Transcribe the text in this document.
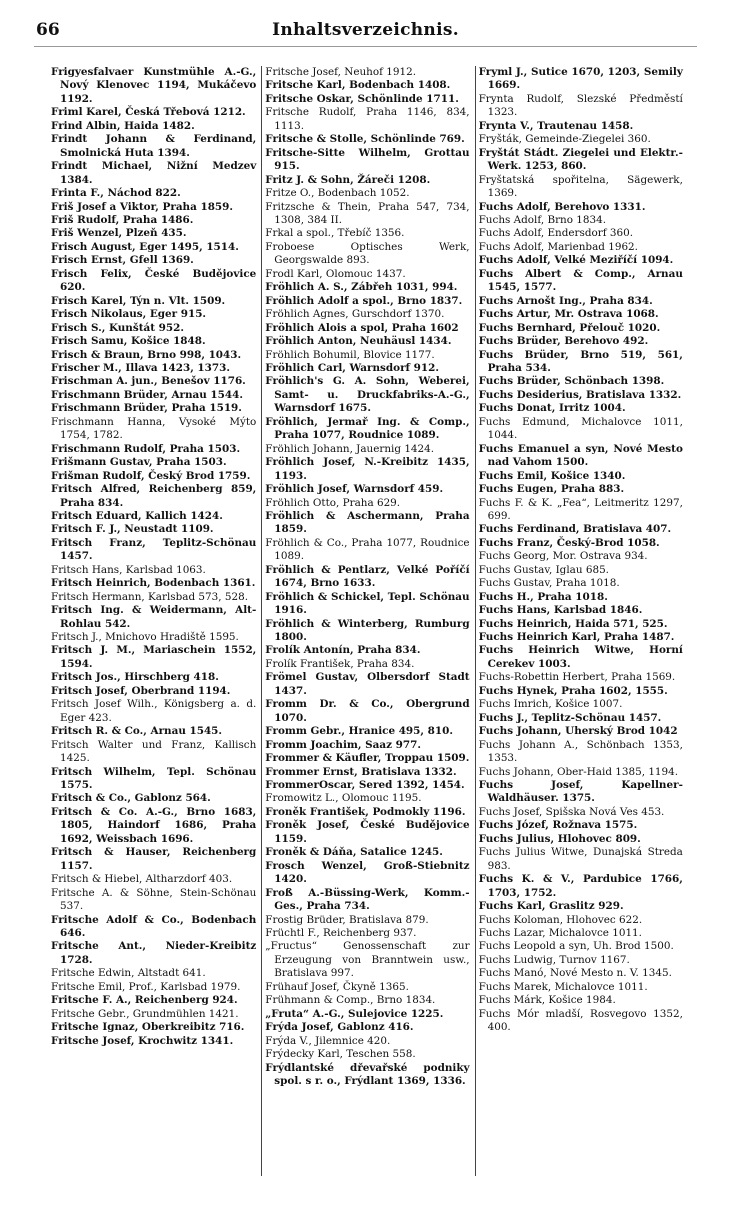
66	Inhaltsverzeichnis.

Frigyesfalvaer Kunstmühle A.-G., Nový Klenovec 1194, Mukáčevo 1192.

Friml Karel, Česká Třebová 1212.

Frind Albin, Haida 1482.

Frindt Johann & Ferdinand, Smolnická Huta 1394.

Frindt Michael, Nižní Medzev 1384.

Frinta F., Náchod 822.

Friš Josef a Viktor, Praha 1859.

Friš Rudolf, Praha 1486.

Friš Wenzel, Plzeň 435.

Frisch August, Eger 1495, 1514.

Frisch Ernst, Gfell 1369.

Frisch Felix, České Budějovice 620.

Frisch Karel, Týn n. Vlt. 1509.

Frisch Nikolaus, Eger 915.

Frisch S., Kunštát 952.

Frisch Samu, Košice 1848.

Frisch & Braun, Brno 998, 1043.

Frischer M., Illava 1423, 1373.

Frischman A. jun., Benešov 1176.

Frischmann Brüder, Arnau 1544.

Frischmann Brüder, Praha 1519.

Frischmann Hanna, Vysoké Mýto 1754, 1782.

Frischmann Rudolf, Praha 1503.

Frišmann Gustav, Praha 1503.

Frišman Rudolf, Český Brod 1759.

Fritsch Alfred, Reichenberg 859, Praha 834.

Fritsch Eduard, Kallich 1424.

Fritsch F. J., Neustadt 1109.

Fritsch Franz, Teplitz-Schönau 1457.

Fritsch Hans, Karlsbad 1063.

Fritsch Heinrich, Bodenbach 1361.

Fritsch Hermann, Karlsbad 573, 528.

Fritsch Ing. & Weidermann, Alt-Rohlau 542.

Fritsch J., Mnichovo Hradiště 1595.

Fritsch J. M., Mariaschein 1552, 1594.

Fritsch Jos., Hirschberg 418.

Fritsch Josef, Oberbrand 1194.

Fritsch Josef Wilh., Königsberg a. d. Eger 423.

Fritsch R. & Co., Arnau 1545.

Fritsch Walter und Franz, Kallisch 1425.

Fritsch Wilhelm, Tepl. Schönau 1575.

Fritsch & Co., Gablonz 564.

Fritsch & Co. A.-G., Brno 1683, 1805, Haindorf 1686, Praha 1692, Weissbach 1696.

Fritsch & Hauser, Reichenberg 1157.

Fritsch & Hiebel, Altharzdorf 403.

Fritsche A. & Söhne, Stein-Schönau 537.

Fritsche Adolf & Co., Bodenbach 646.

Fritsche Ant., Nieder-Kreibitz 1728.

Fritsche Edwin, Altstadt 641.

Fritsche Emil, Prof., Karlsbad 1979.

Fritsche F. A., Reichenberg 924.

Fritsche Gebr., Grundmühlen 1421.

Fritsche Ignaz, Oberkreibitz 716.

Fritsche Josef, Krochwitz 1341.

Fritsche Josef, Neuhof 1912.

Fritsche Karl, Bodenbach 1408.

Fritsche Oskar, Schönlinde 1711.

Fritsche Rudolf, Praha 1146, 834, 1113.

Fritsche & Stolle, Schönlinde 769.

Fritsche-Sitte Wilhelm, Grottau 915.

Fritz J. & Sohn, Žáreči 1208.

Fritze O., Bodenbach 1052.

Fritzsche & Thein, Praha 547, 734, 1308, 384 II.

Frkal a spol., Třebíč 1356.

Froboese Optisches Werk, Georgswalde 893.

Frodl Karl, Olomouc 1437.

Fröhlich A. S., Zábřeh 1031, 994.

Fröhlich Adolf a spol., Brno 1837.

Fröhlich Agnes, Gurschdorf 1370.

Fröhlich Alois a spol, Praha 1602

Fröhlich Anton, Neuhäusl 1434.

Fröhlich Bohumil, Blovice 1177.

Fröhlich Carl, Warnsdorf 912.

Fröhlich's G. A. Sohn, Weberei, Samt- u. Druckfabriks-A.-G., Warnsdorf 1675.

Fröhlich, Jermař Ing. & Comp., Praha 1077, Roudnice 1089.

Fröhlich Johann, Jauernig 1424.

Fröhlich Josef, N.-Kreibitz 1435, 1193.

Fröhlich Josef, Warnsdorf 459.

Fröhlich Otto, Praha 629.

Fröhlich & Aschermann, Praha 1859.

Fröhlich & Co., Praha 1077, Roudnice 1089.

Fröhlich & Pentlarz, Velké Poříčí 1674, Brno 1633.

Fröhlich & Schickel, Tepl. Schönau 1916.

Fröhlich & Winterberg, Rumburg 1800.

Frolík Antonín, Praha 834.

Frolík František, Praha 834.

Frömel Gustav, Olbersdorf Stadt 1437.

Fromm Dr. & Co., Obergrund 1070.

Fromm Gebr., Hranice 495, 810.

Fromm Joachim, Saaz 977.

Frommer & Käufler, Troppau 1509.

Frommer Ernst, Bratislava 1332.

FrommerOscar, Sered 1392, 1454.

Fromowitz L., Olomouc 1195.

Froněk František, Podmokly 1196.

Froněk Josef, České Budějovice 1159.

Froněk & Dáňa, Satalice 1245.

Frosch Wenzel, Groß-Stiebnitz 1420.

Froß A.-Büssing-Werk, Komm.-Ges., Praha 734.

Frostig Brüder, Bratislava 879.

Früchtl F., Reichenberg 937.

„Fructus“ Genossenschaft zur Erzeugung von Branntwein usw., Bratislava 997.

Frühauf Josef, Čkyně 1365.

Frühmann & Comp., Brno 1834.

„Fruta“ A.-G., Sulejovice 1225.

Frýda Josef, Gablonz 416.

Frýda V., Jilemnice 420.

Frýdecky Karl, Teschen 558.

Frýdlantské dřevařské podniky spol. s r. o., Frýdlant 1369, 1336.

Fryml J., Sutice 1670, 1203, Semily 1669.

Frynta Rudolf, Slezské Předměstí 1323.

Frynta V., Trautenau 1458.

Fryšták, Gemeinde-Ziegelei 360.

Fryštát Stádt. Ziegelei und Elektr.-Werk. 1253, 860.

Fryštatská spořitelna, Sägewerk, 1369.

Fuchs Adolf, Berehovo 1331.

Fuchs Adolf, Brno 1834.

Fuchs Adolf, Endersdorf 360.

Fuchs Adolf, Marienbad 1962.

Fuchs Adolf, Velké Meziříčí 1094.

Fuchs Albert & Comp., Arnau 1545, 1577.

Fuchs Arnošt Ing., Praha 834.

Fuchs Artur, Mr. Ostrava 1068.

Fuchs Bernhard, Přelouč 1020.

Fuchs Brüder, Berehovo 492.

Fuchs Brüder, Brno 519, 561, Praha 534.

Fuchs Brüder, Schönbach 1398.

Fuchs Desiderius, Bratislava 1332.

Fuchs Donat, Irritz 1004.

Fuchs Edmund, Michalovce 1011, 1044.

Fuchs Emanuel a syn, Nové Mesto nad Vahom 1500.

Fuchs Emil, Košice 1340.

Fuchs Eugen, Praha 883.

Fuchs F. & K. „Fea“, Leitmeritz 1297, 699.

Fuchs Ferdinand, Bratislava 407.

Fuchs Franz, Český-Brod 1058.

Fuchs Georg, Mor. Ostrava 934.

Fuchs Gustav, Iglau 685.

Fuchs Gustav, Praha 1018.

Fuchs H., Praha 1018.

Fuchs Hans, Karlsbad 1846.

Fuchs Heinrich, Haida 571, 525.

Fuchs Heinrich Karl, Praha 1487.

Fuchs Heinrich Witwe, Horní Cerekev 1003.

Fuchs-Robettin Herbert, Praha 1569.

Fuchs Hynek, Praha 1602, 1555.

Fuchs Imrich, Košice 1007.

Fuchs J., Teplitz-Schönau 1457.

Fuchs Johann, Uherský Brod 1042

Fuchs Johann A., Schönbach 1353, 1353.

Fuchs Johann, Ober-Haid 1385, 1194.

Fuchs Josef, Kapellner-Waldhäuser. 1375.

Fuchs Josef, Spišska Nová Ves 453.

Fuchs Józef, Rožnava 1575.

Fuchs Julius, Hlohovec 809.

Fuchs Julius Witwe, Dunajská Streda 983.

Fuchs K. & V., Pardubice 1766, 1703, 1752.

Fuchs Karl, Graslitz 929.

Fuchs Koloman, Hlohovec 622.

Fuchs Lazar, Michalovce 1011.

Fuchs Leopold a syn, Uh. Brod 1500.

Fuchs Ludwig, Turnov 1167.

Fuchs Manó, Nové Mesto n. V. 1345.

Fuchs Marek, Michalovce 1011.

Fuchs Márk, Košice 1984.

Fuchs Mór mladší, Rosvegovo 1352, 400.
